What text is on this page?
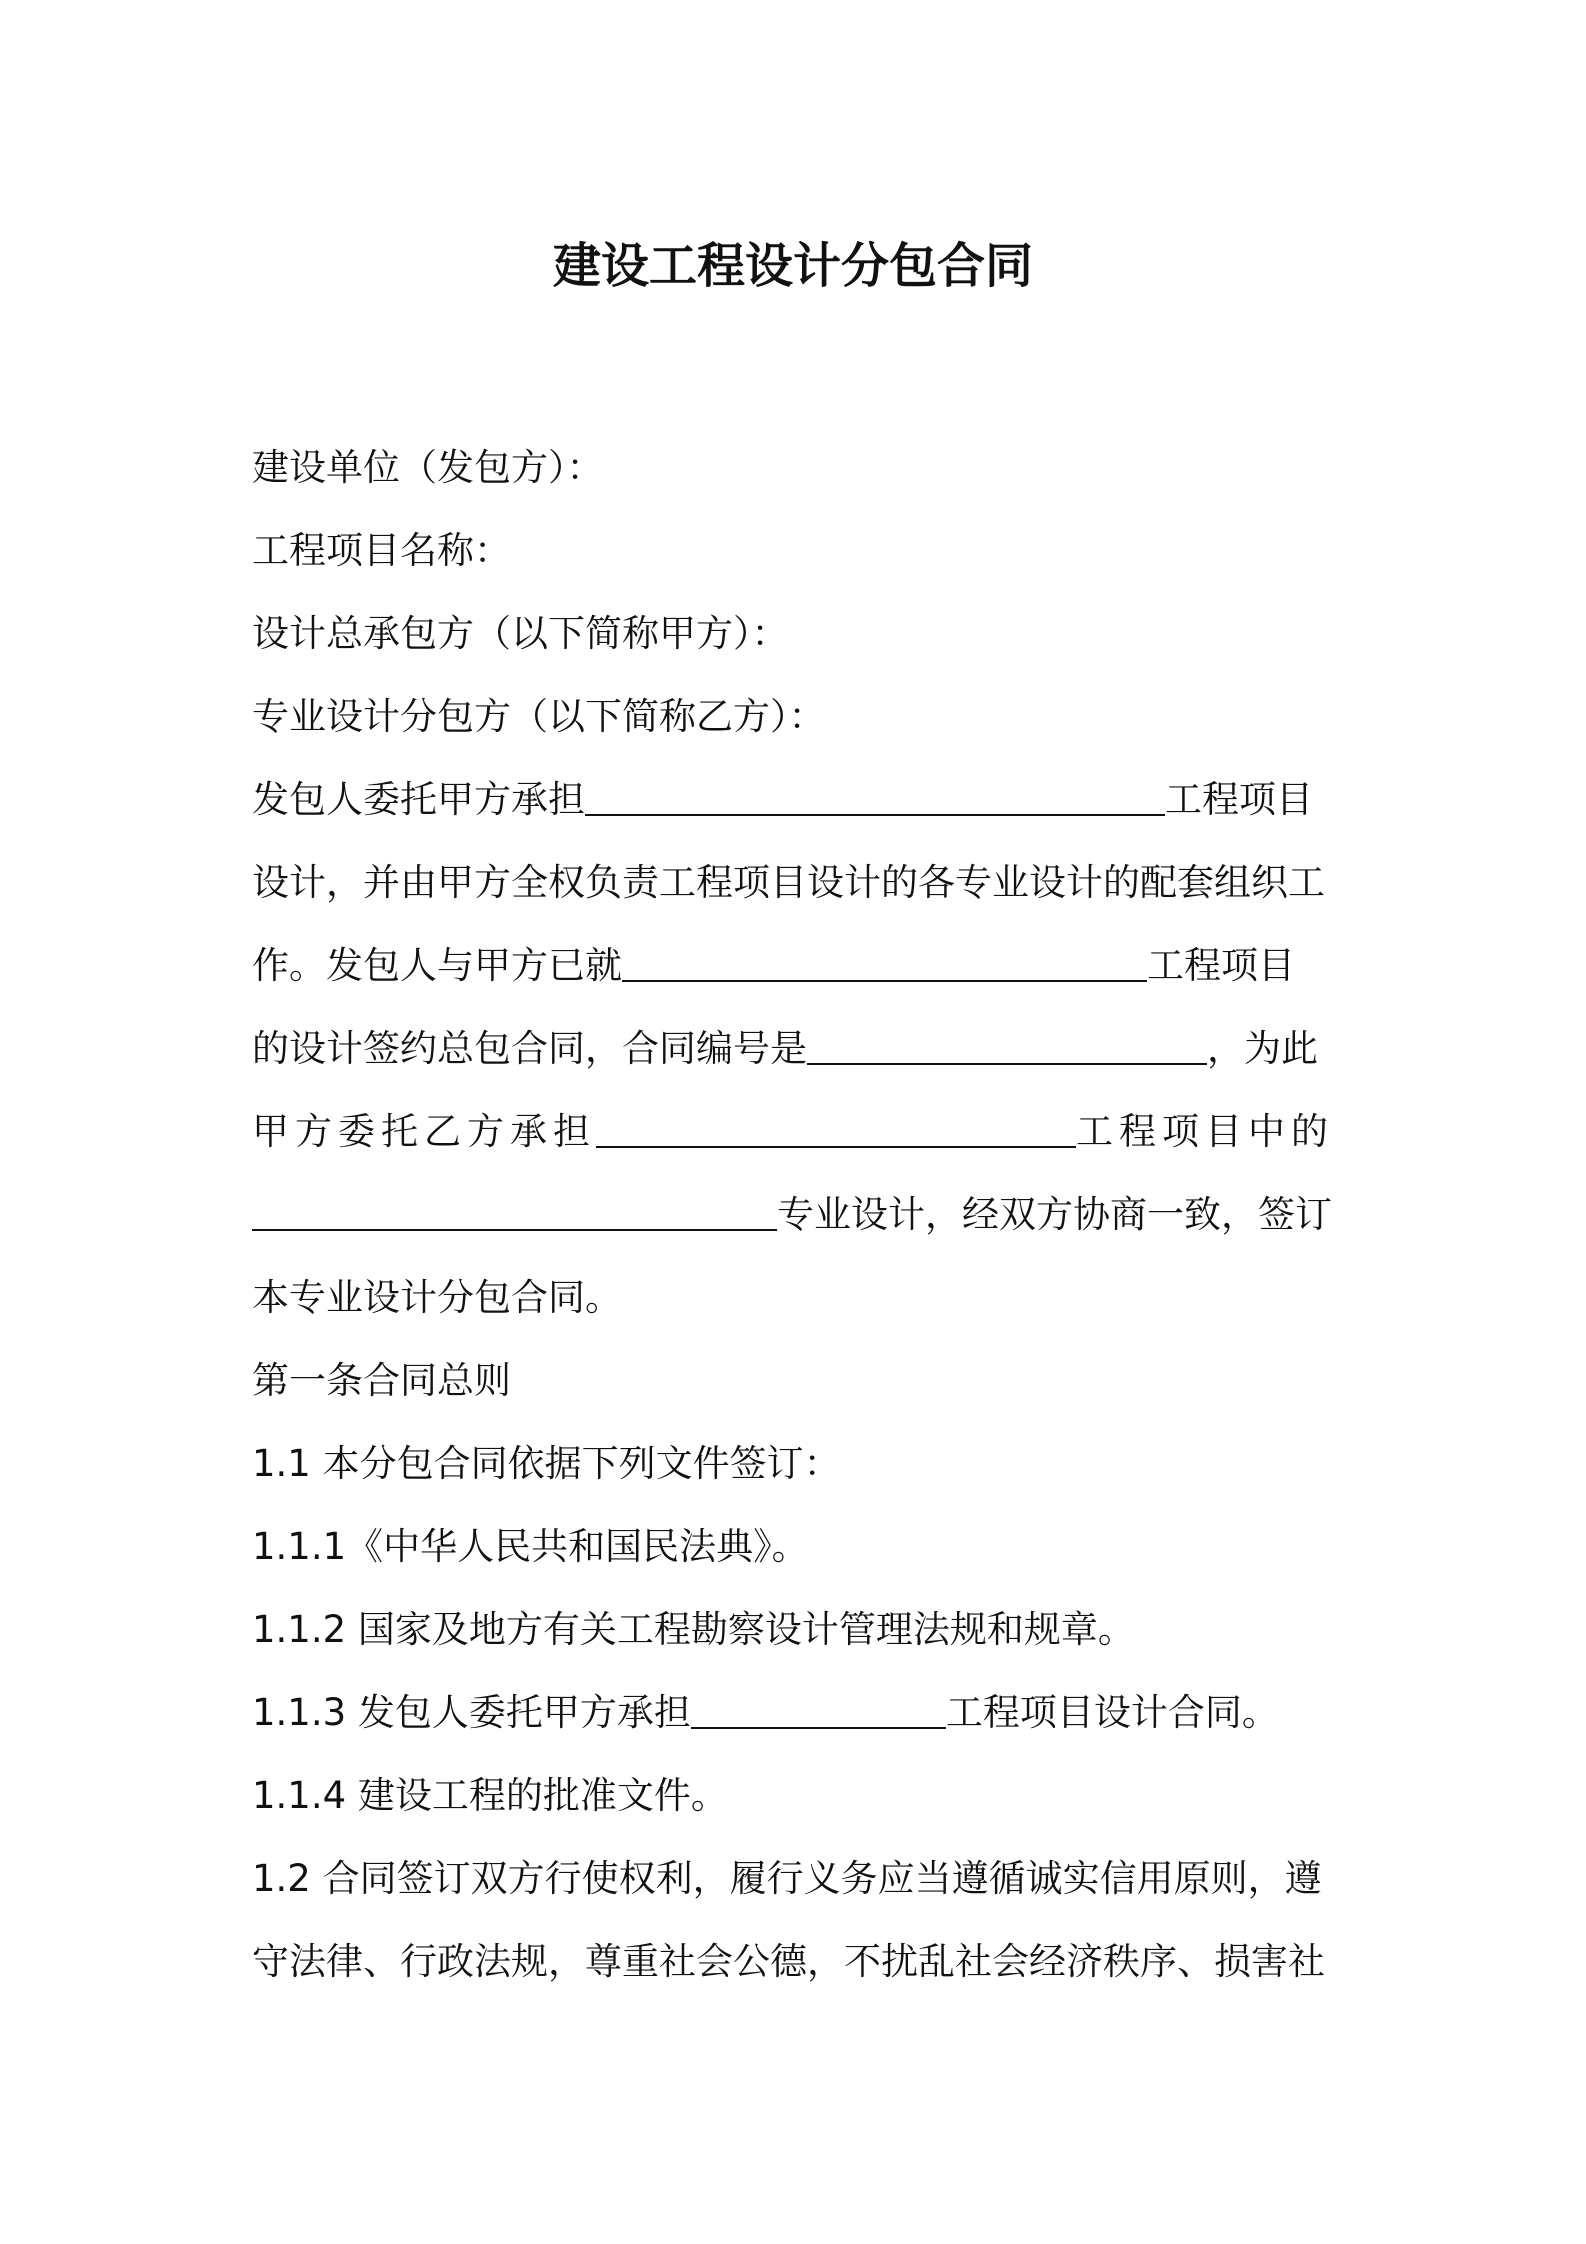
建设工程设计分包合同
建设单位（发包方）：
工程项目名称：
设计总承包方（以下简称甲方）：
专业设计分包方（以下简称乙方）：
发包人委托甲方承担	工程项目
设计，并由甲方全权负责工程项目设计的各专业设计的配套组织工
作。发包人与甲方已就	工程项目
的设计签约总包合同，合同编号是	，为此
甲方委托乙方承担	工程项目中的
专业设计，经双方协商一致，签订
本专业设计分包合同。
第一条合同总则
1.1 本分包合同依据下列文件签订：
1.1.1《中华人民共和国民法典》。
1.1.2 国家及地方有关工程勘察设计管理法规和规章。
1.1.3 发包人委托甲方承担	工程项目设计合同。
1.1.4 建设工程的批准文件。
1.2 合同签订双方行使权利，履行义务应当遵循诚实信用原则，遵
守法律、行政法规，尊重社会公德，不扰乱社会经济秩序、损害社
